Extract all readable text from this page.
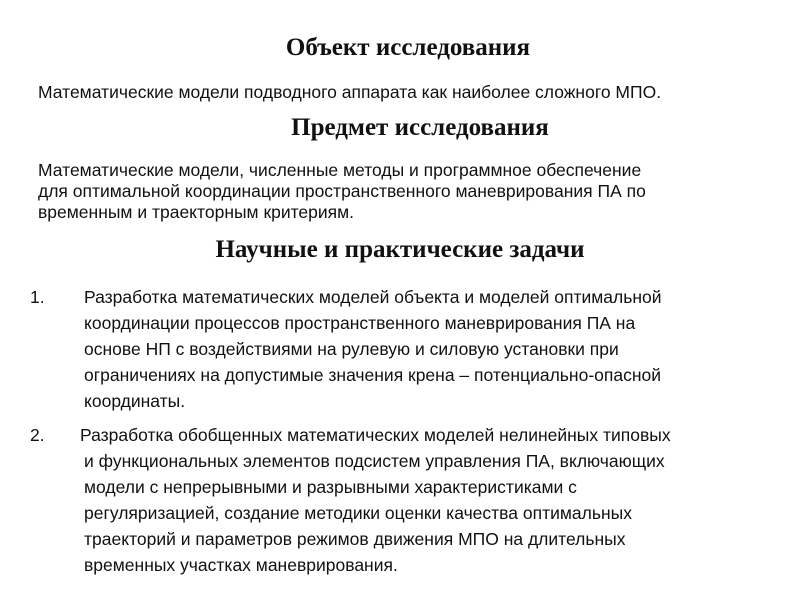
Объект исследования

Математические модели подводного аппарата как наиболее сложного МПО.

Предмет исследования
Математические модели, численные методы и программное обеспечение
для оптимальной координации пространственного маневрирования ПА по
временным и траекторным критериям.
Научные и практические задачи
1. Разработка математических моделей объекта и моделей оптимальной
координации процессов пространственного маневрирования ПА на
основе НП с воздействиями на рулевую и силовую установки при
ограничениях на допустимые значения крена – потенциально-опасной
координаты.
2. Разработка обобщенных математических моделей нелинейных типовых
и функциональных элементов подсистем управления ПА, включающих
модели с непрерывными и разрывными характеристиками с
регуляризацией, создание методики оценки качества оптимальных
траекторий и параметров режимов движения МПО на длительных
временных участках маневрирования.
